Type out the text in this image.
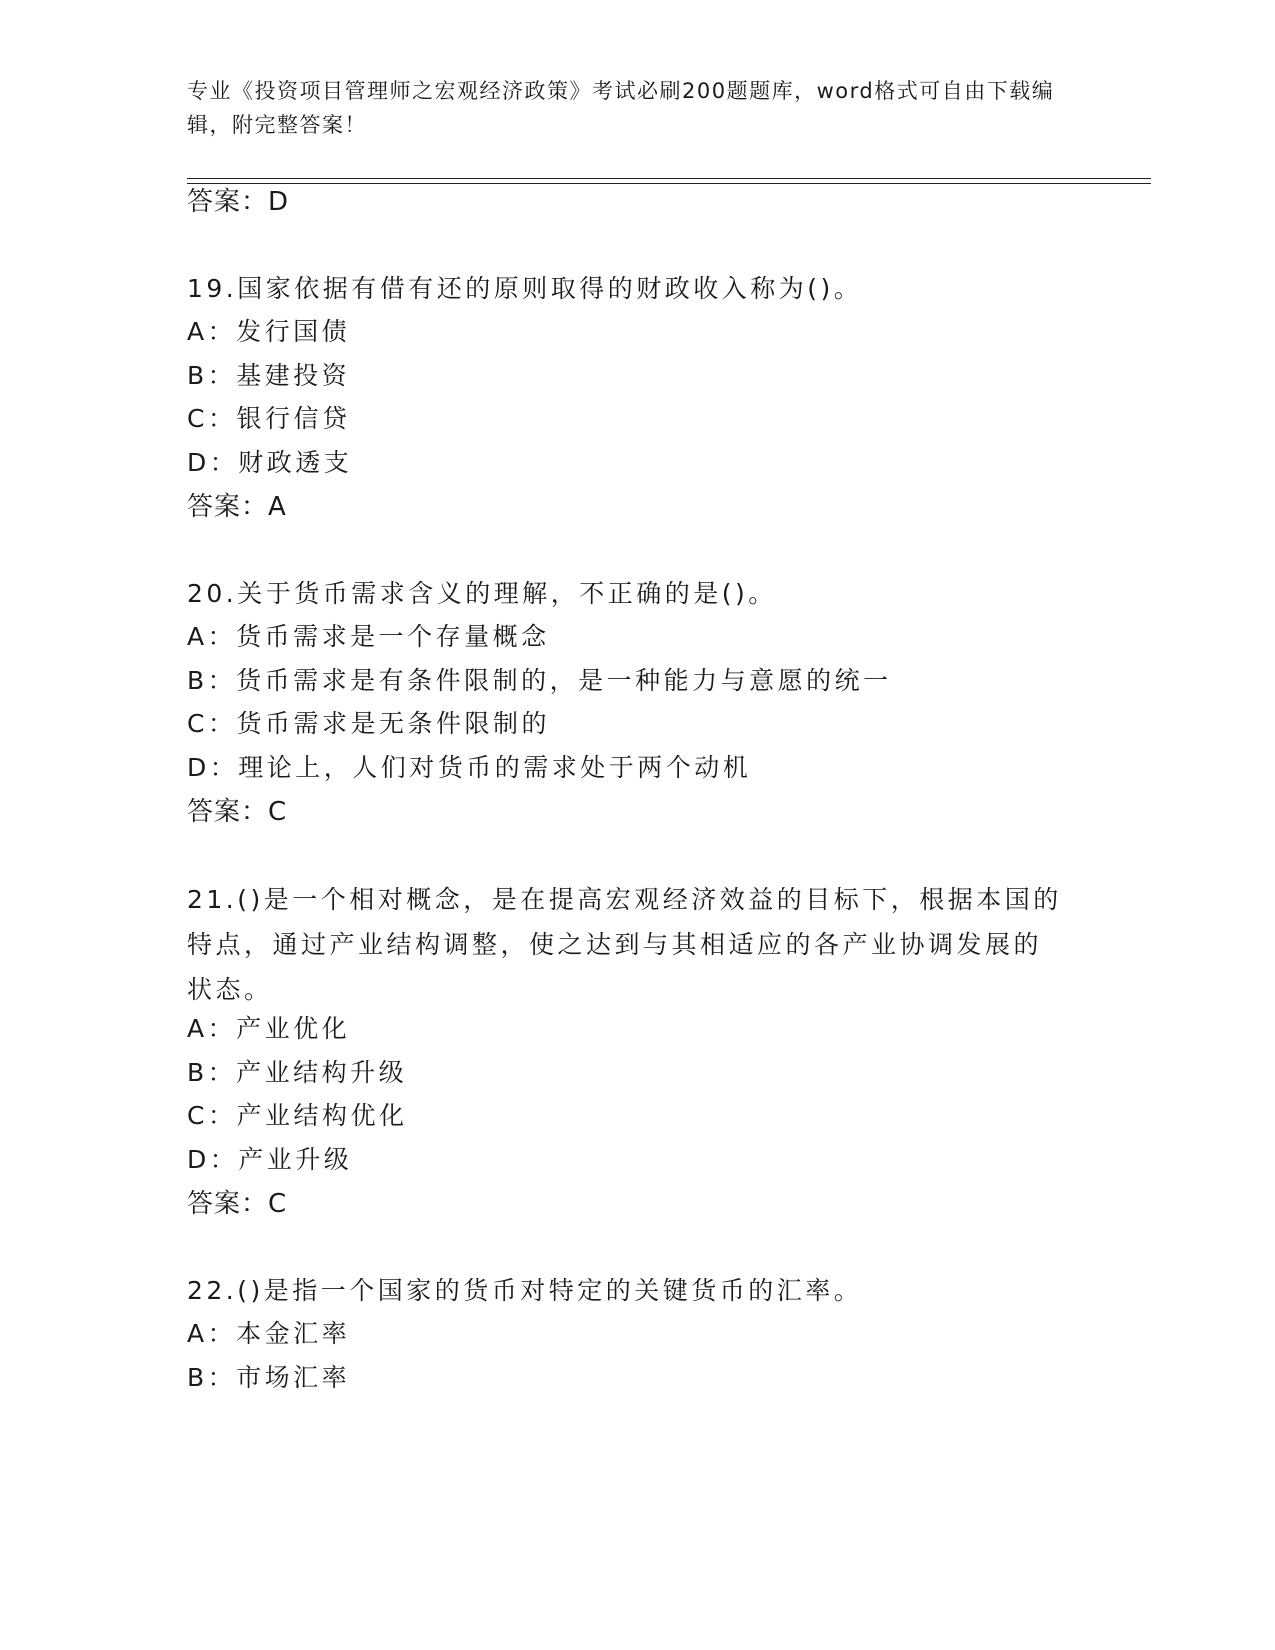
专业《投资项目管理师之宏观经济政策》考试必刷200题题库，word格式可自由下载编辑，附完整答案！
答案：D
19.国家依据有借有还的原则取得的财政收入称为()。
A：发行国债
B：基建投资
C：银行信贷
D：财政透支
答案：A
20.关于货币需求含义的理解，不正确的是()。
A：货币需求是一个存量概念
B：货币需求是有条件限制的，是一种能力与意愿的统一
C：货币需求是无条件限制的
D：理论上，人们对货币的需求处于两个动机
答案：C
21.()是一个相对概念，是在提高宏观经济效益的目标下，根据本国的特点，通过产业结构调整，使之达到与其相适应的各产业协调发展的状态。
A：产业优化
B：产业结构升级
C：产业结构优化
D：产业升级
答案：C
22.()是指一个国家的货币对特定的关键货币的汇率。
A：本金汇率
B：市场汇率
